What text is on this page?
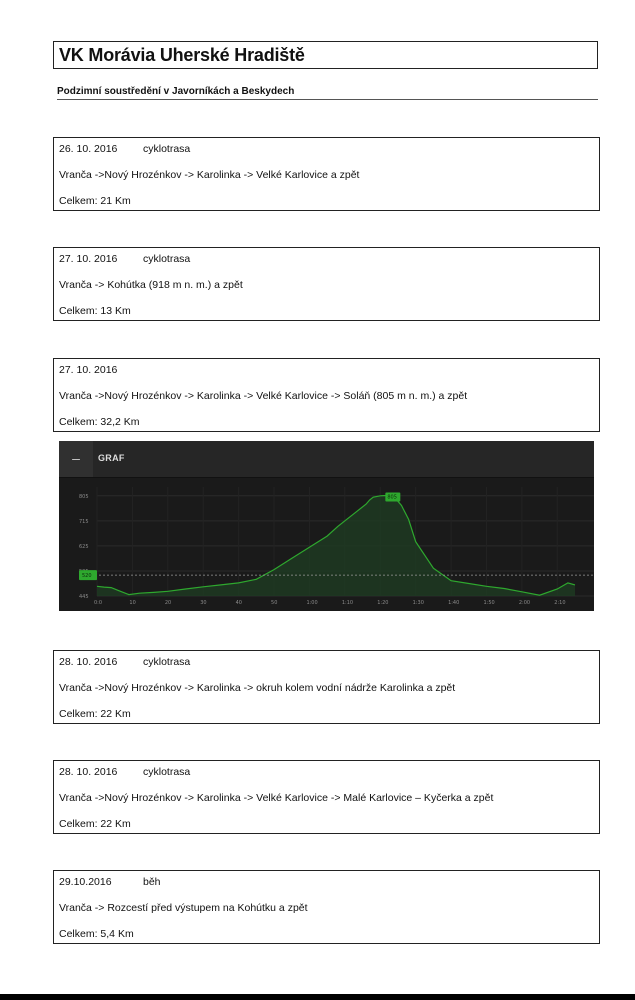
VK Morávia Uherské Hradiště
Podzimní soustředění v Javorníkách a Beskydech
26. 10. 2016 cyklotrasa
Vranča ->Nový Hrozénkov -> Karolinka -> Velké Karlovice a zpět
Celkem: 21 Km
27. 10. 2016 cyklotrasa
Vranča -> Kohútka (918 m n. m.) a zpět
Celkem: 13 Km
27. 10. 2016
Vranča ->Nový Hrozénkov -> Karolinka -> Velké Karlovice -> Soláň (805 m n. m.) a zpět
Celkem: 32,2 Km
–	GRAF
445
625
715
805
0:0	10	20	30	40	50	1:00	1:10	1:20	1:30	1:40	1:50	2:00	2:10
520
805
28. 10. 2016 cyklotrasa
Vranča ->Nový Hrozénkov -> Karolinka -> okruh kolem vodní nádrže Karolinka a zpět
Celkem: 22 Km
28. 10. 2016 cyklotrasa
Vranča ->Nový Hrozénkov -> Karolinka -> Velké Karlovice -> Malé Karlovice – Kyčerka a zpět
Celkem: 22 Km
29.10.2016	běh
Vranča -> Rozcestí před výstupem na Kohútku a zpět
Celkem: 5,4 Km
